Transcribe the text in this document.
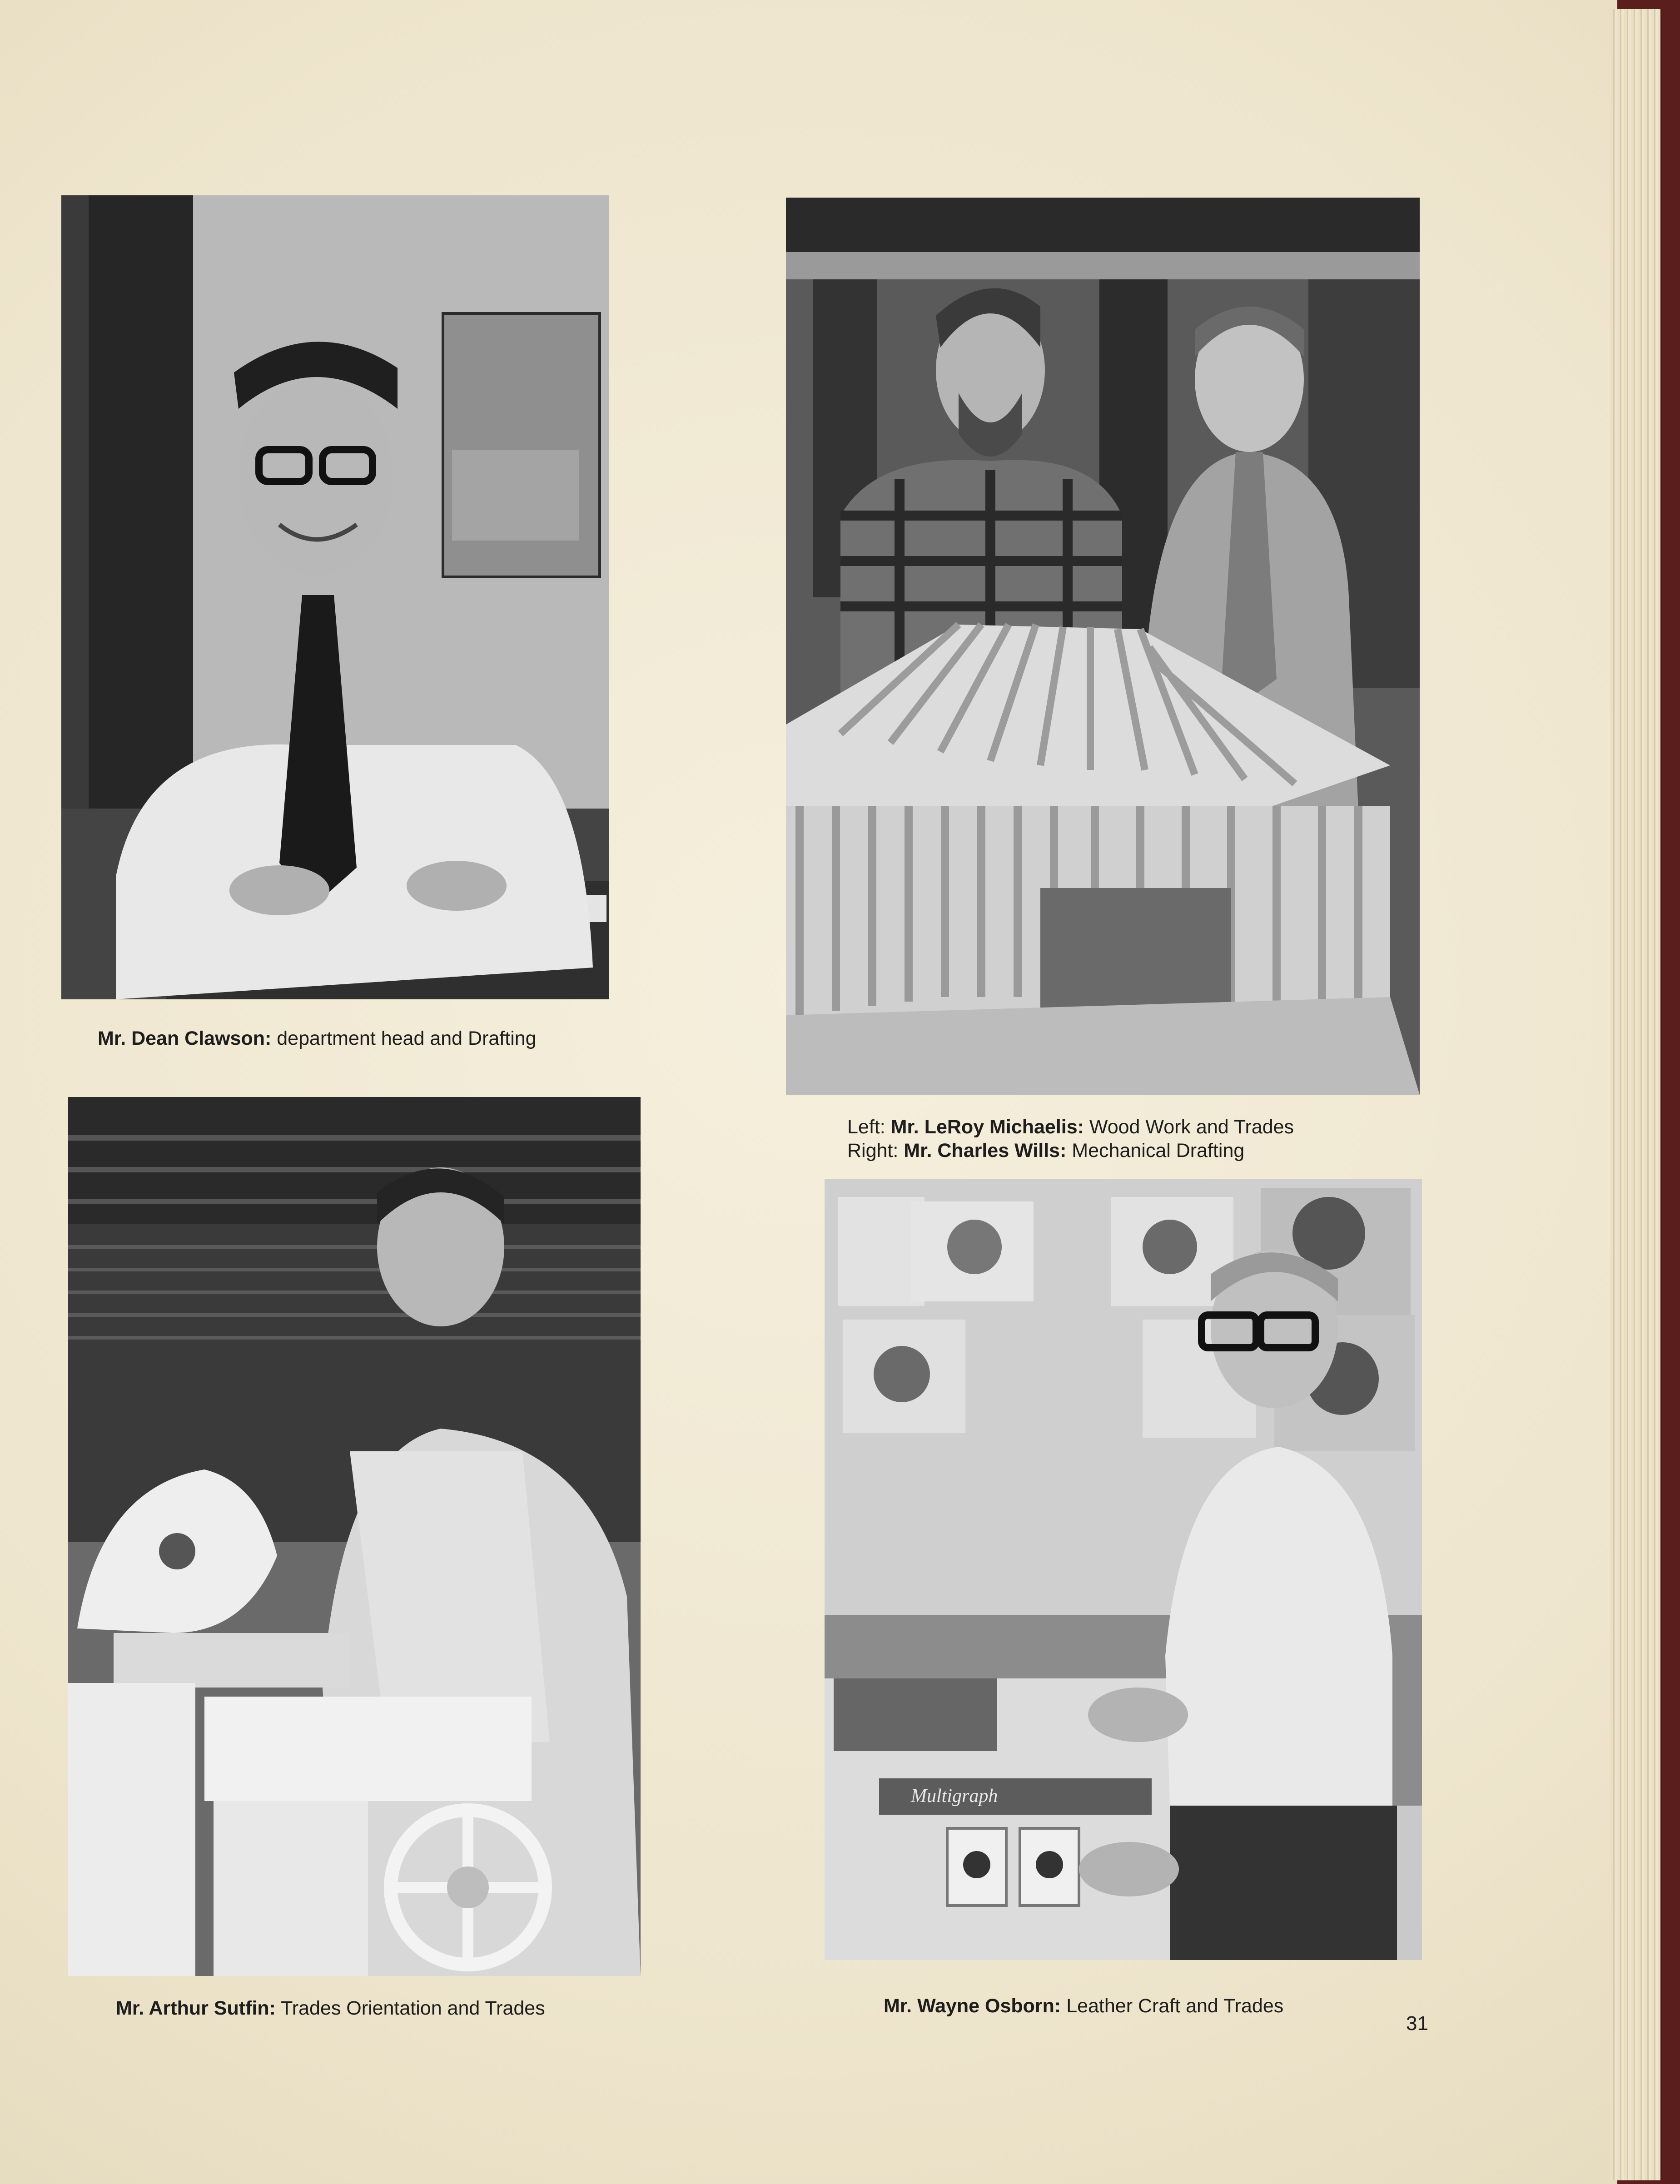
Mr. Dean Clawson: department head and Drafting
Left: Mr. LeRoy Michaelis: Wood Work and Trades
Right: Mr. Charles Wills: Mechanical Drafting
Mr. Arthur Sutfin: Trades Orientation and Trades
Multigraph
Mr. Wayne Osborn: Leather Craft and Trades
31
